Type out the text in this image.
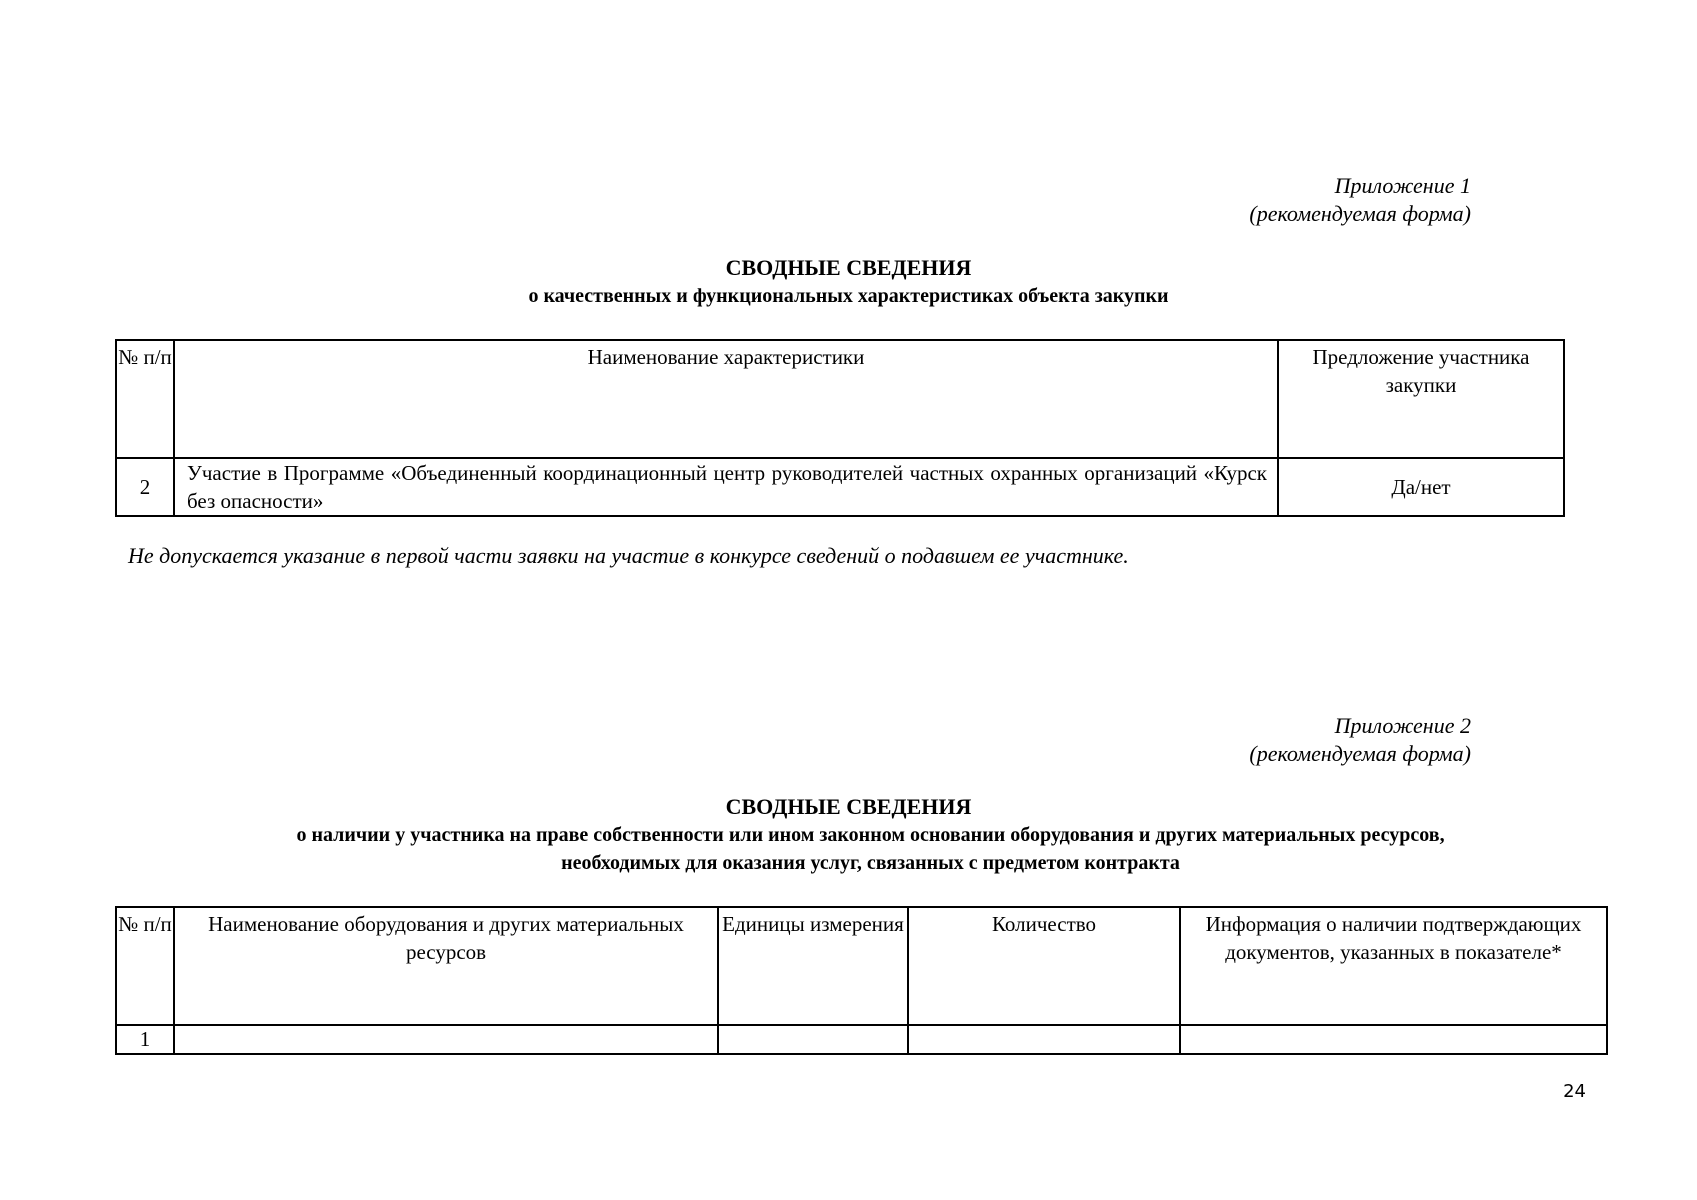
Приложение 1
(рекомендуемая форма)
СВОДНЫЕ СВЕДЕНИЯ
о качественных и функциональных характеристиках объекта закупки
№ п/п	Наименование характеристики	Предложение участника закупки
2	Участие в Программе «Объединенный координационный центр руководителей частных охранных организаций «Курск без опасности»	Да/нет
Не допускается указание в первой части заявки на участие в конкурсе сведений о подавшем ее участнике.
Приложение 2
(рекомендуемая форма)
СВОДНЫЕ СВЕДЕНИЯ
о наличии у участника на праве собственности или ином законном основании оборудования и других материальных ресурсов,
необходимых для оказания услуг, связанных с предметом контракта
№ п/п	Наименование оборудования и других материальных ресурсов	Единицы измерения	Количество	Информация о наличии подтверждающих документов, указанных в показателе*
1				
24
